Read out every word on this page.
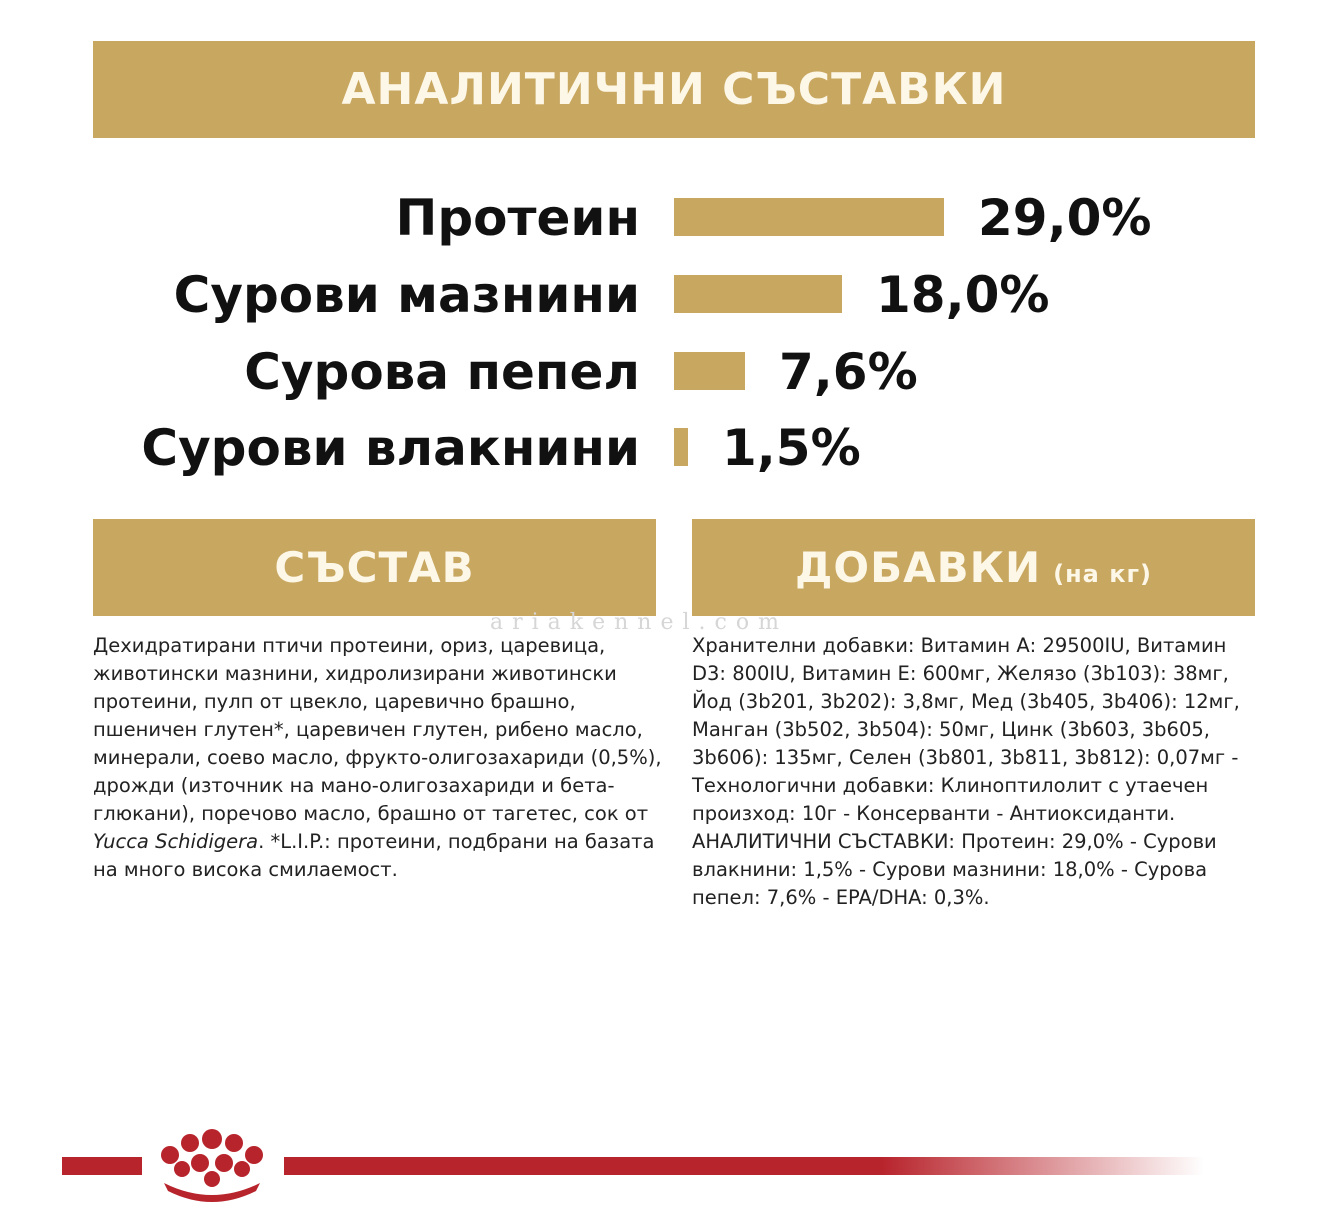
АНАЛИТИЧНИ СЪСТАВКИ
Протеин	29,0%
Сурови мазнини	18,0%
Сурова пепел	7,6%
Сурови влакнини 1,5%
СЪСТАВ	ДОБАВКИ (на кг)
ariakennel.com
Дехидратирани птичи протеини, ориз, царевица, животински мазнини, хидролизирани животински протеини, пулп от цвекло, царевично брашно, пшеничен глутен*, царевичен глутен, рибено масло, минерали, соево масло, фрукто-олигозахариди (0,5%), дрожди (източник на мано-олигозахариди и бета-глюкани), поречово масло, брашно от тагетес, сок от Yucca Schidigera. *L.I.P.: протеини, подбрани на базата на много висока смилаемост.
Хранителни добавки: Витамин А: 29500IU, Витамин D3: 800IU, Витамин Е: 600мг, Желязо (3b103): 38мг, Йод (3b201, 3b202): 3,8мг, Мед (3b405, 3b406): 12мг, Манган (3b502, 3b504): 50мг, Цинк (3b603, 3b605, 3b606): 135мг, Селен (3b801, 3b811, 3b812): 0,07мг - Технологични добавки: Клиноптилолит с утаечен произход: 10г - Консерванти - Антиоксиданти. АНАЛИТИЧНИ СЪСТАВКИ: Протеин: 29,0% - Сурови влакнини: 1,5% - Сурови мазнини: 18,0% - Сурова пепел: 7,6% - EPA/DHA: 0,3%.
